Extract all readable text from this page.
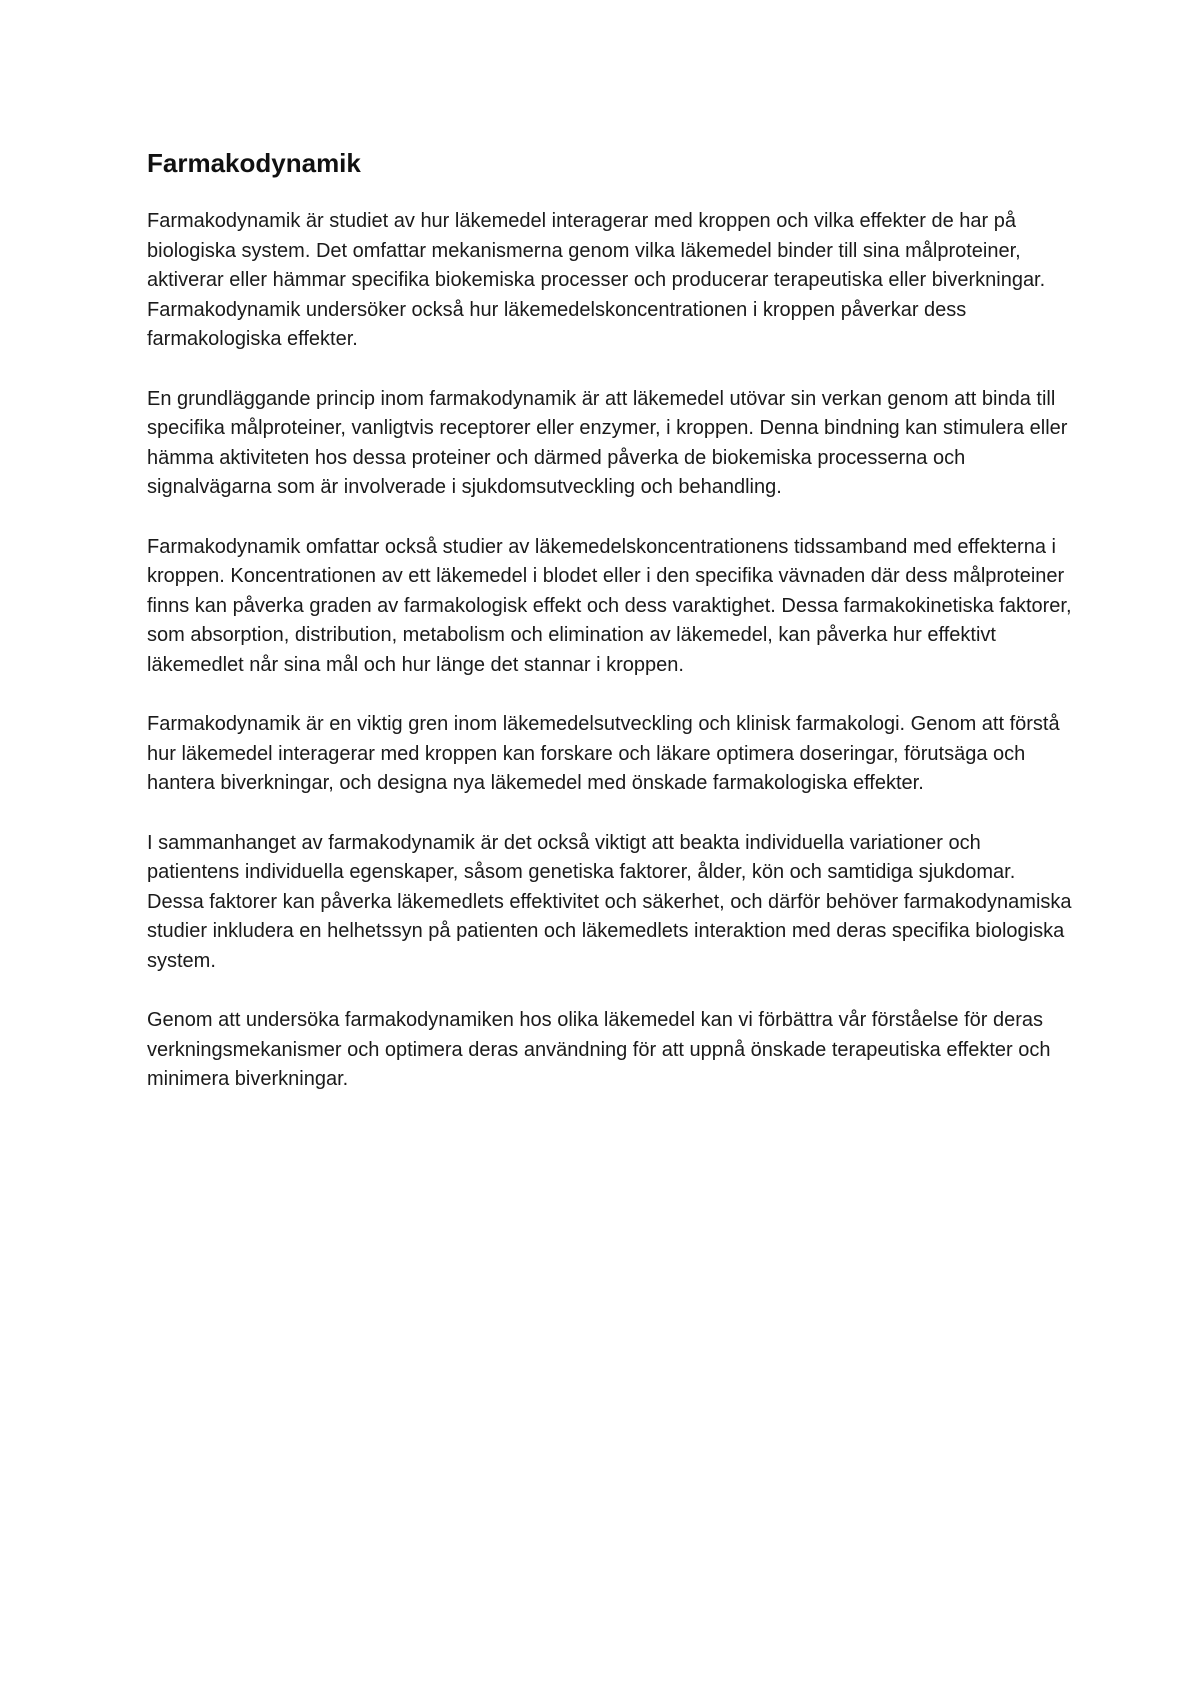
Farmakodynamik

Farmakodynamik är studiet av hur läkemedel interagerar med kroppen och vilka effekter de har på biologiska system. Det omfattar mekanismerna genom vilka läkemedel binder till sina målproteiner, aktiverar eller hämmar specifika biokemiska processer och producerar terapeutiska eller biverkningar. Farmakodynamik undersöker också hur läkemedelskoncentrationen i kroppen påverkar dess farmakologiska effekter.

En grundläggande princip inom farmakodynamik är att läkemedel utövar sin verkan genom att binda till specifika målproteiner, vanligtvis receptorer eller enzymer, i kroppen. Denna bindning kan stimulera eller hämma aktiviteten hos dessa proteiner och därmed påverka de biokemiska processerna och signalvägarna som är involverade i sjukdomsutveckling och behandling.

Farmakodynamik omfattar också studier av läkemedelskoncentrationens tidssamband med effekterna i kroppen. Koncentrationen av ett läkemedel i blodet eller i den specifika vävnaden där dess målproteiner finns kan påverka graden av farmakologisk effekt och dess varaktighet. Dessa farmakokinetiska faktorer, som absorption, distribution, metabolism och elimination av läkemedel, kan påverka hur effektivt läkemedlet når sina mål och hur länge det stannar i kroppen.

Farmakodynamik är en viktig gren inom läkemedelsutveckling och klinisk farmakologi. Genom att förstå hur läkemedel interagerar med kroppen kan forskare och läkare optimera doseringar, förutsäga och hantera biverkningar, och designa nya läkemedel med önskade farmakologiska effekter.

I sammanhanget av farmakodynamik är det också viktigt att beakta individuella variationer och patientens individuella egenskaper, såsom genetiska faktorer, ålder, kön och samtidiga sjukdomar. Dessa faktorer kan påverka läkemedlets effektivitet och säkerhet, och därför behöver farmakodynamiska studier inkludera en helhetssyn på patienten och läkemedlets interaktion med deras specifika biologiska system.

Genom att undersöka farmakodynamiken hos olika läkemedel kan vi förbättra vår förståelse för deras verkningsmekanismer och optimera deras användning för att uppnå önskade terapeutiska effekter och minimera biverkningar.
